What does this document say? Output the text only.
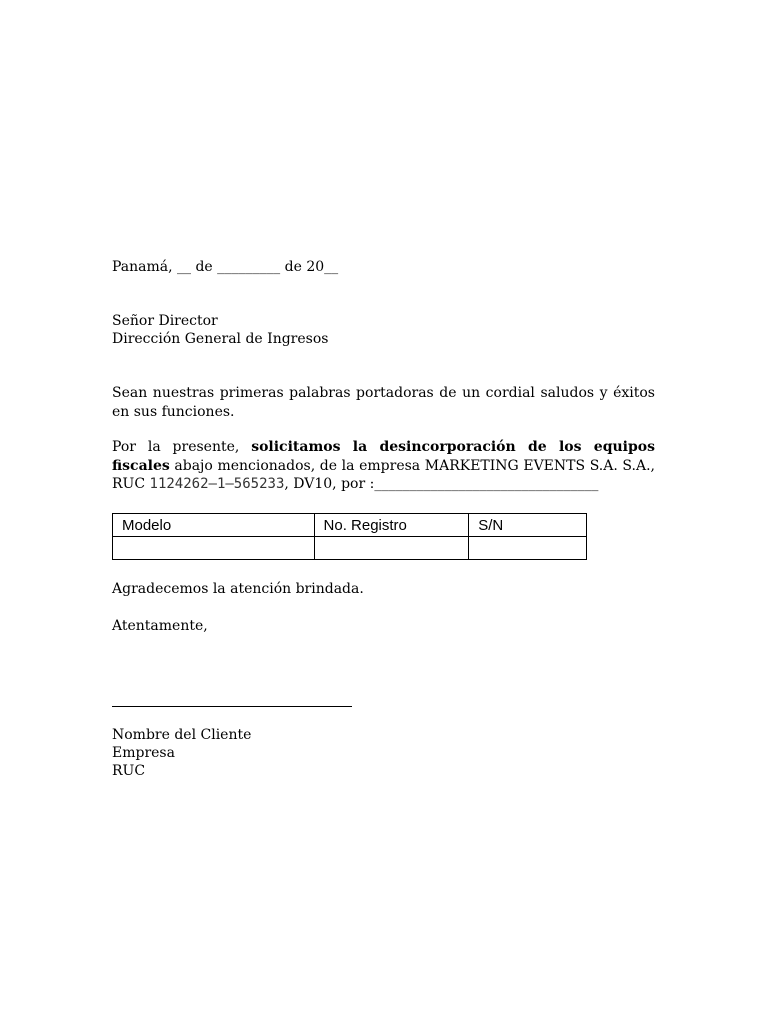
Panamá, __ de _________ de 20__
Señor Director
Dirección General de Ingresos
Sean nuestras primeras palabras portadoras de un cordial saludos y éxitos en sus funciones.
Por la presente, solicitamos la desincorporación de los equipos fiscales abajo mencionados, de la empresa MARKETING EVENTS S.A. S.A., RUC 1124262–1–565233, DV10, por :________________________________
Modelo	No. Registro	S/N

Agradecemos la atención brindada.
Atentamente,
Nombre del Cliente
Empresa
RUC
